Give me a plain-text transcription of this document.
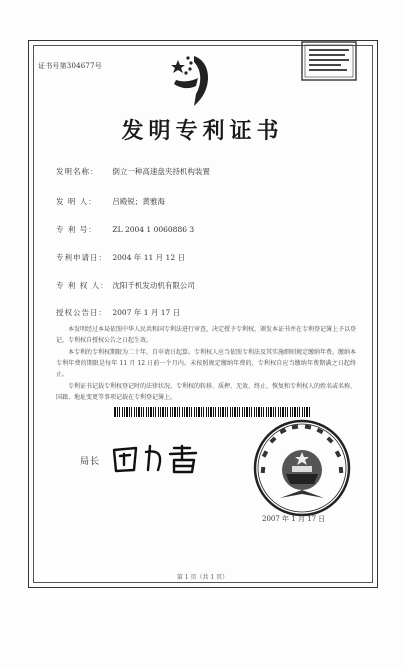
证书号第304677号
发明专利证书
发明名称： 倒立一种高速盘夹持机构装置
发 明 人： 吕殿锐；黄雅海
专 利 号： ZL 2004 1 0060886 3
专利申请日： 2004 年 11 月 12 日
专 利 权 人： 沈阳千机发动机有限公司
授权公告日： 2007 年 1 月 17 日
本发明经过本局依照中华人民共和国专利法进行审查，决定授予专利权，颁发本证书并在专利登记簿上予以登记。专利权自授权公告之日起生效。
本专利的专利权期限为二十年，自申请日起算。专利权人应当依照专利法及其实施细则规定缴纳年费。缴纳本专利年费的期限是每年 11 月 12 日前一个月内。未按照规定缴纳年费的，专利权自应当缴纳年费期满之日起终止。
专利证书记载专利权登记时的法律状况。专利权的转移、质押、无效、终止、恢复和专利权人的姓名或名称、国籍、地址变更等事项记载在专利登记簿上。
局长
2007 年 1 月 17 日
第 1 页（共 1 页）
